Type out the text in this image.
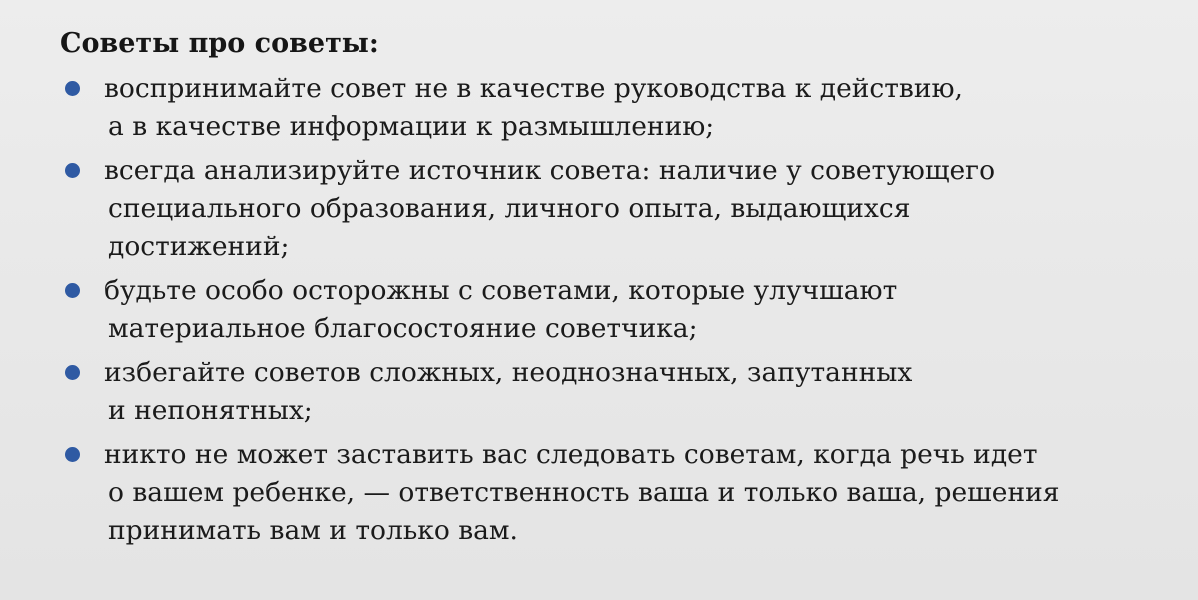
Советы про советы:
воспринимайте совет не в качестве руководства к действию,
а в качестве информации к размышлению;
всегда анализируйте источник совета: наличие у советующего
специального образования, личного опыта, выдающихся
достижений;
будьте особо осторожны с советами, которые улучшают
материальное благосостояние советчика;
избегайте советов сложных, неоднозначных, запутанных
и непонятных;
никто не может заставить вас следовать советам, когда речь идет
о вашем ребенке, — ответственность ваша и только ваша, решения
принимать вам и только вам.
